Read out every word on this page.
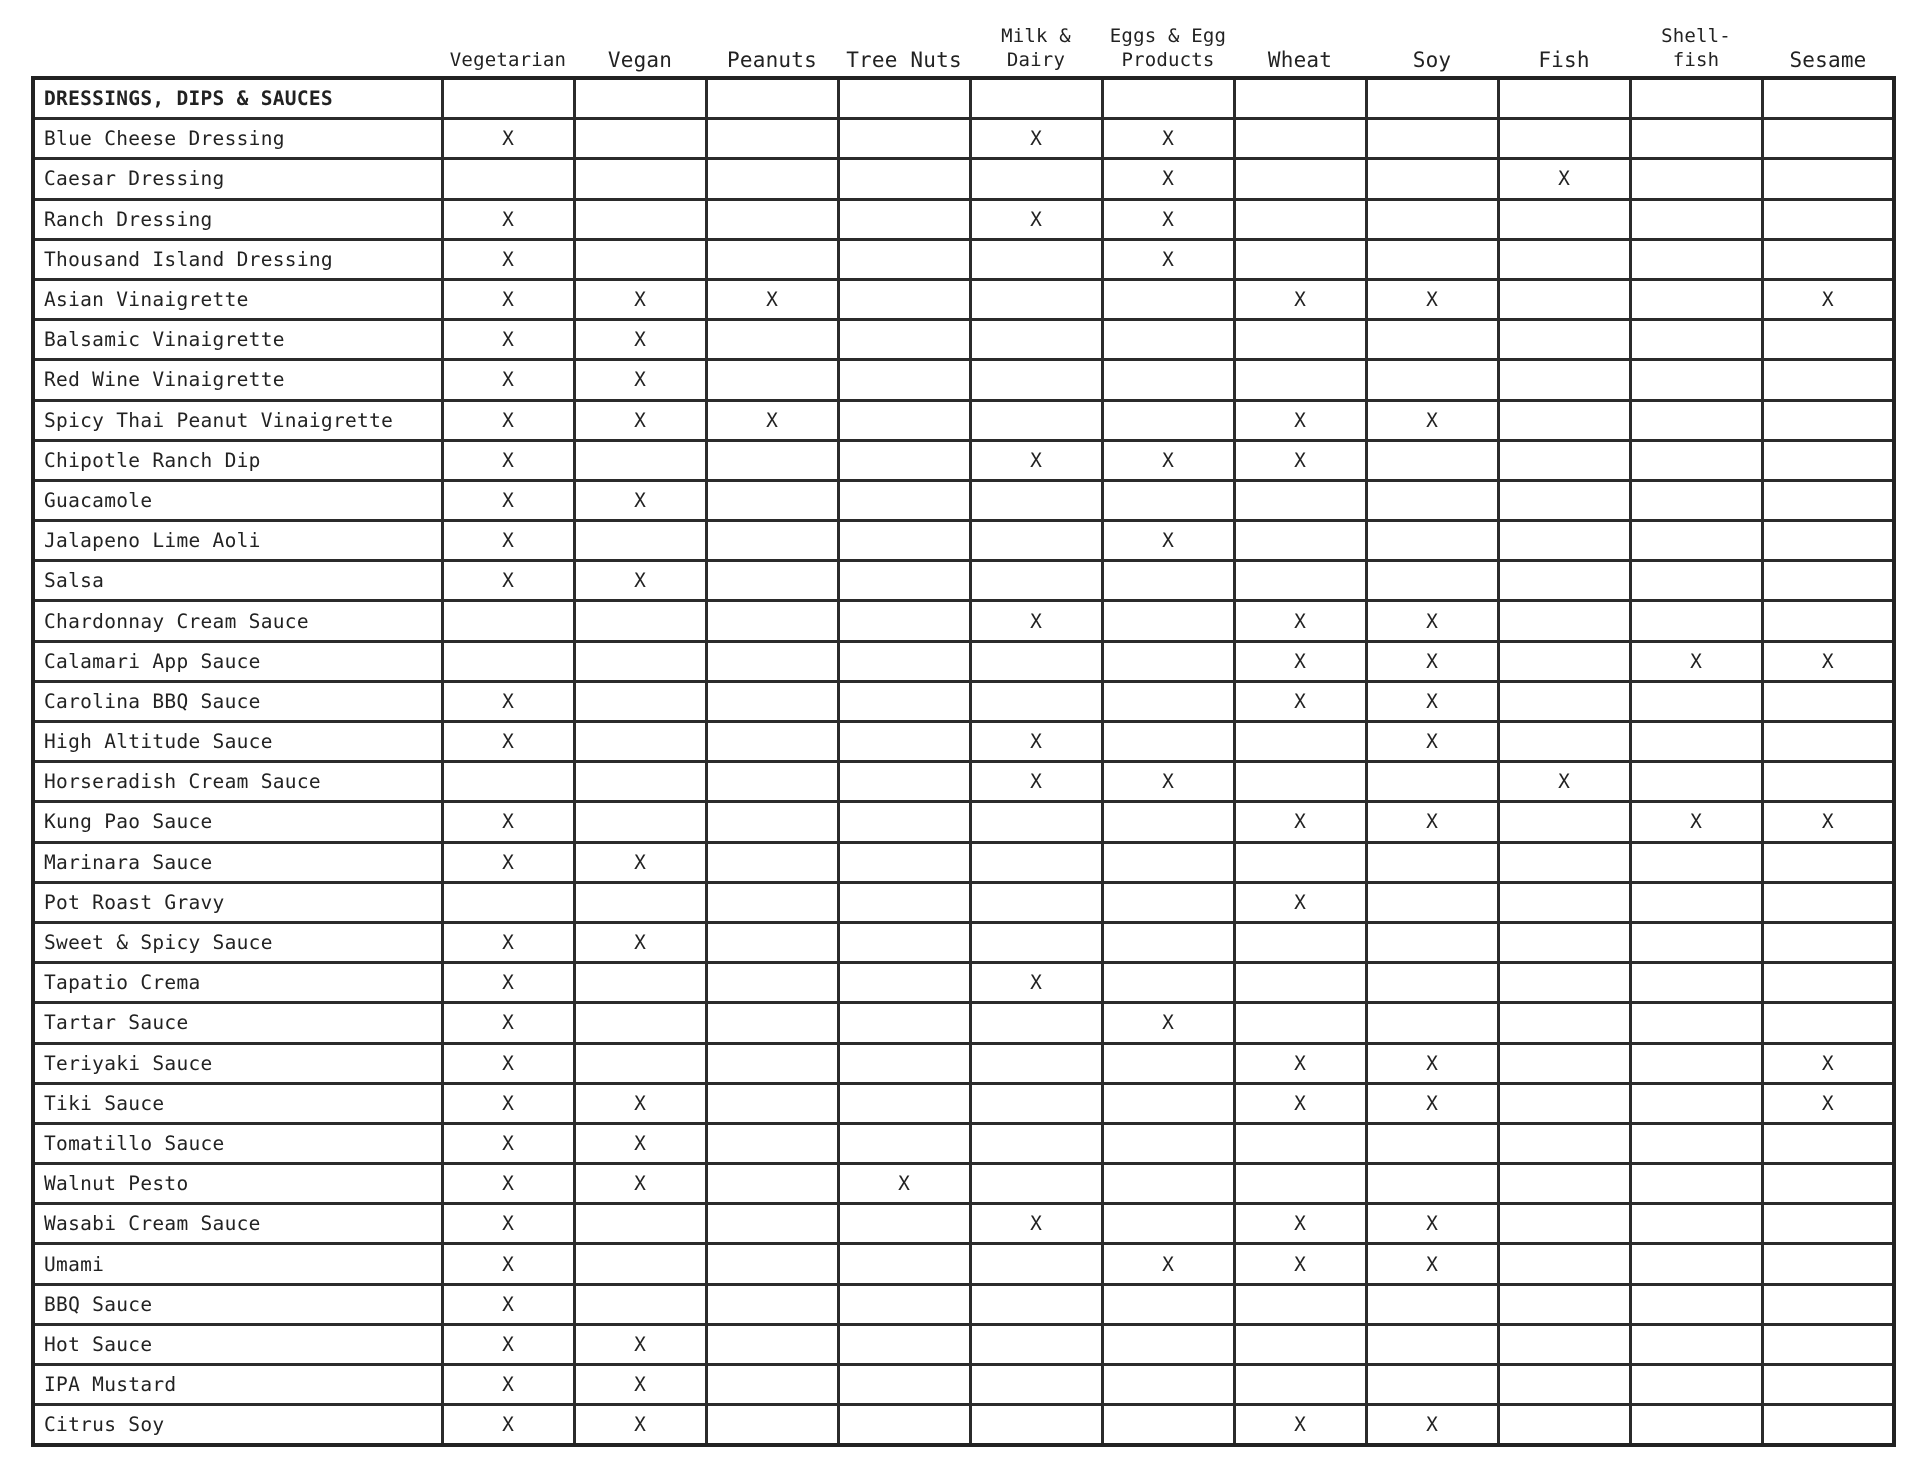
	Vegetarian	Vegan	Peanuts	Tree Nuts	Milk &
Dairy	Eggs & Egg
Products	Wheat	Soy	Fish	Shell-
fish	Sesame
DRESSINGS, DIPS & SAUCES											
Blue Cheese Dressing	X				X	X					
Caesar Dressing						X			X		
Ranch Dressing	X				X	X					
Thousand Island Dressing	X					X					
Asian Vinaigrette	X	X	X				X	X			X
Balsamic Vinaigrette	X	X									
Red Wine Vinaigrette	X	X									
Spicy Thai Peanut Vinaigrette	X	X	X				X	X			
Chipotle Ranch Dip	X				X	X	X				
Guacamole	X	X									
Jalapeno Lime Aoli	X					X					
Salsa	X	X									
Chardonnay Cream Sauce					X		X	X			
Calamari App Sauce							X	X		X	X
Carolina BBQ Sauce	X						X	X			
High Altitude Sauce	X				X			X			
Horseradish Cream Sauce					X	X			X		
Kung Pao Sauce	X						X	X		X	X
Marinara Sauce	X	X									
Pot Roast Gravy							X				
Sweet & Spicy Sauce	X	X									
Tapatio Crema	X				X						
Tartar Sauce	X					X					
Teriyaki Sauce	X						X	X			X
Tiki Sauce	X	X					X	X			X
Tomatillo Sauce	X	X									
Walnut Pesto	X	X		X							
Wasabi Cream Sauce	X				X		X	X			
Umami	X					X	X	X			
BBQ Sauce	X										
Hot Sauce	X	X									
IPA Mustard	X	X									
Citrus Soy	X	X					X	X			
